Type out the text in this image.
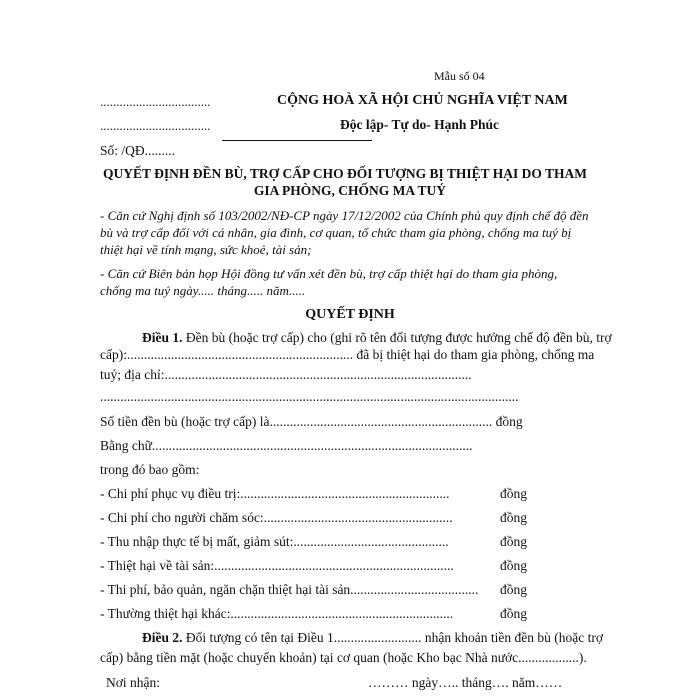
Mẫu số 04
..................................
..................................
CỘNG HOÀ XÃ HỘI CHỦ NGHĨA VIỆT NAM
Độc lập- Tự do- Hạnh Phúc
Số: /QĐ.........
QUYẾT ĐỊNH ĐỀN BÙ, TRỢ CẤP CHO ĐỐI TƯỢNG BỊ THIỆT HẠI DO THAM
GIA PHÒNG, CHỐNG MA TUÝ
- Căn cứ Nghị định số 103/2002/NĐ-CP ngày 17/12/2002 của Chính phủ quy định chế độ đền
bù và trợ cấp đối với cá nhân, gia đình, cơ quan, tổ chức tham gia phòng, chống ma tuý bị
thiệt hại về tính mạng, sức khoẻ, tài sản;
- Căn cứ Biên bản họp Hội đồng tư vấn xét đền bù, trợ cấp thiệt hại do tham gia phòng,
chống ma tuý ngày..... tháng..... năm.....
QUYẾT ĐỊNH
Điều 1. Đền bù (hoặc trợ cấp) cho (ghi rõ tên đối tượng được hưởng chế độ đền bù, trợ
cấp):................................................................... đã bị thiệt hại do tham gia phòng, chống ma
tuý; địa chỉ:...........................................................................................
............................................................................................................................
Số tiền đền bù (hoặc trợ cấp) là.................................................................. đồng
Bằng chữ...............................................................................................
trong đó bao gồm:
- Chi phí phục vụ điều trị:..............................................................	đồng
- Chi phí cho người chăm sóc:........................................................	đồng
- Thu nhập thực tế bị mất, giảm sút:..............................................	đồng
- Thiệt hại về tài sản:.......................................................................	đồng
- Thi phí, bảo quản, ngăn chặn thiệt hại tài sản...................................... đồng
- Thường thiệt hại khác:..................................................................	đồng
Điều 2. Đối tượng có tên tại Điều 1.......................... nhận khoản tiền đền bù (hoặc trợ
cấp) bằng tiền mặt (hoặc chuyển khoản) tại cơ quan (hoặc Kho bạc Nhà nước..................).
Nơi nhận:	……… ngày….. tháng…. năm……
